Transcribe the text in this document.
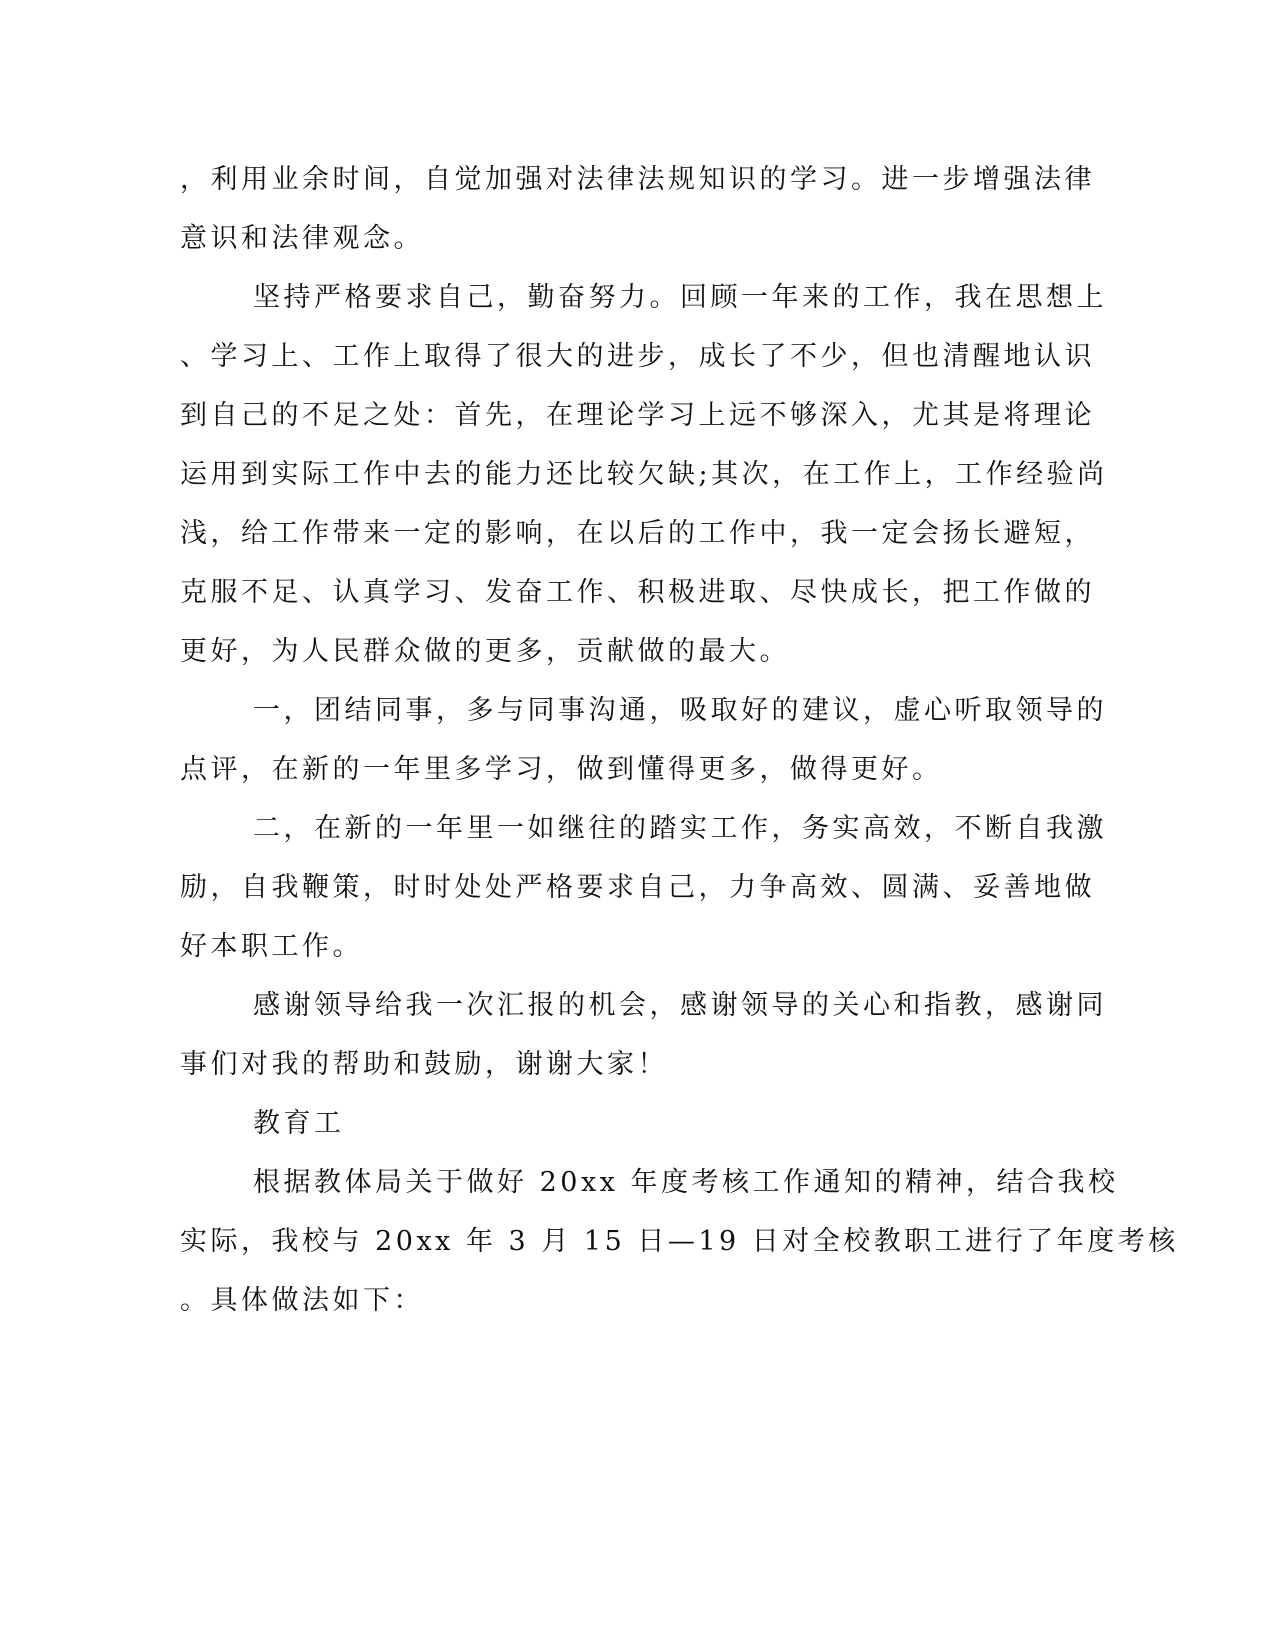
，利用业余时间，自觉加强对法律法规知识的学习。进一步增强法律
意识和法律观念。
坚持严格要求自己，勤奋努力。回顾一年来的工作，我在思想上
、学习上、工作上取得了很大的进步，成长了不少，但也清醒地认识
到自己的不足之处：首先，在理论学习上远不够深入，尤其是将理论
运用到实际工作中去的能力还比较欠缺;其次，在工作上，工作经验尚
浅，给工作带来一定的影响，在以后的工作中，我一定会扬长避短，
克服不足、认真学习、发奋工作、积极进取、尽快成长，把工作做的
更好，为人民群众做的更多，贡献做的最大。
一，团结同事，多与同事沟通，吸取好的建议，虚心听取领导的
点评，在新的一年里多学习，做到懂得更多，做得更好。
二，在新的一年里一如继往的踏实工作，务实高效，不断自我激
励，自我鞭策，时时处处严格要求自己，力争高效、圆满、妥善地做
好本职工作。
感谢领导给我一次汇报的机会，感谢领导的关心和指教，感谢同
事们对我的帮助和鼓励，谢谢大家！
教育工
根据教体局关于做好 20xx 年度考核工作通知的精神，结合我校
实际，我校与 20xx 年 3 月 15 日—19 日对全校教职工进行了年度考核
。具体做法如下：
